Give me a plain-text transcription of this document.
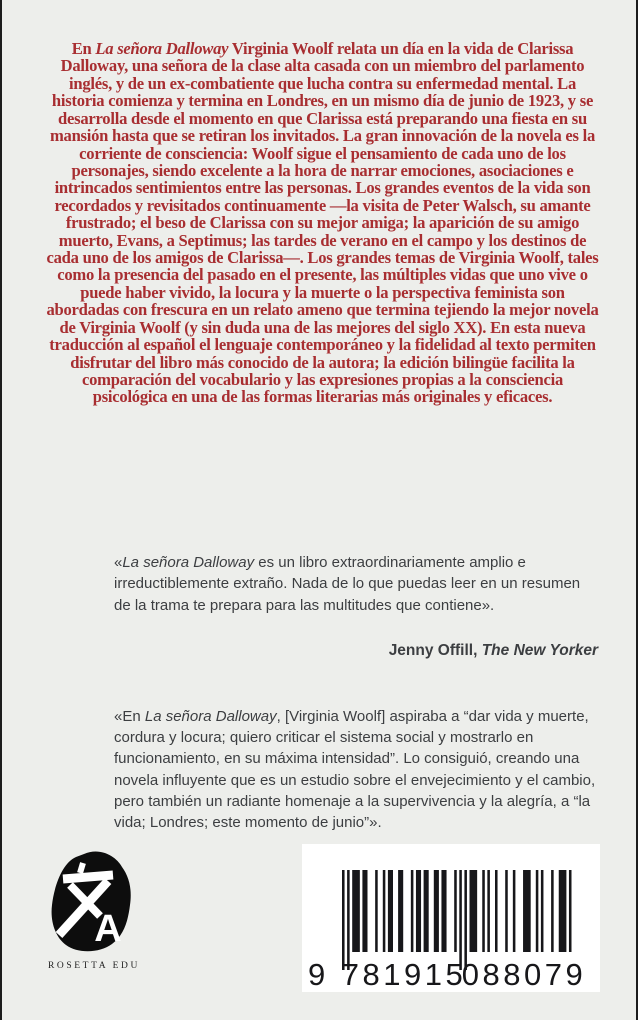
En La señora Dalloway Virginia Woolf relata un día en la vida de Clarissa Dalloway, una señora de la clase alta casada con un miembro del parlamento inglés, y de un ex-combatiente que lucha contra su enfermedad mental. La historia comienza y termina en Londres, en un mismo día de junio de 1923, y se desarrolla desde el momento en que Clarissa está preparando una fiesta en su mansión hasta que se retiran los invitados. La gran innovación de la novela es la corriente de consciencia: Woolf sigue el pensamiento de cada uno de los personajes, siendo excelente a la hora de narrar emociones, asociaciones e intrincados sentimientos entre las personas. Los grandes eventos de la vida son recordados y revisitados continuamente —la visita de Peter Walsch, su amante frustrado; el beso de Clarissa con su mejor amiga; la aparición de su amigo muerto, Evans, a Septimus; las tardes de verano en el campo y los destinos de cada uno de los amigos de Clarissa—. Los grandes temas de Virginia Woolf, tales como la presencia del pasado en el presente, las múltiples vidas que uno vive o puede haber vivido, la locura y la muerte o la perspectiva feminista son abordadas con frescura en un relato ameno que termina tejiendo la mejor novela de Virginia Woolf (y sin duda una de las mejores del siglo XX). En esta nueva traducción al español el lenguaje contemporáneo y la fidelidad al texto permiten disfrutar del libro más conocido de la autora; la edición bilingüe facilita la comparación del vocabulario y las expresiones propias a la consciencia psicológica en una de las formas literarias más originales y eficaces.

«La señora Dalloway es un libro extraordinariamente amplio e irreductiblemente extraño. Nada de lo que puedas leer en un resumen de la trama te prepara para las multitudes que contiene».

Jenny Offill, The New Yorker

«En La señora Dalloway, [Virginia Woolf] aspiraba a “dar vida y muerte, cordura y locura; quiero criticar el sistema social y mostrarlo en funcionamiento, en su máxima intensidad”. Lo consiguió, creando una novela influyente que es un estudio sobre el envejecimiento y el cambio, pero también un radiante homenaje a la supervivencia y la alegría, a “la vida; Londres; este momento de junio”».

A
ROSETTA EDU	9 781915
088079
